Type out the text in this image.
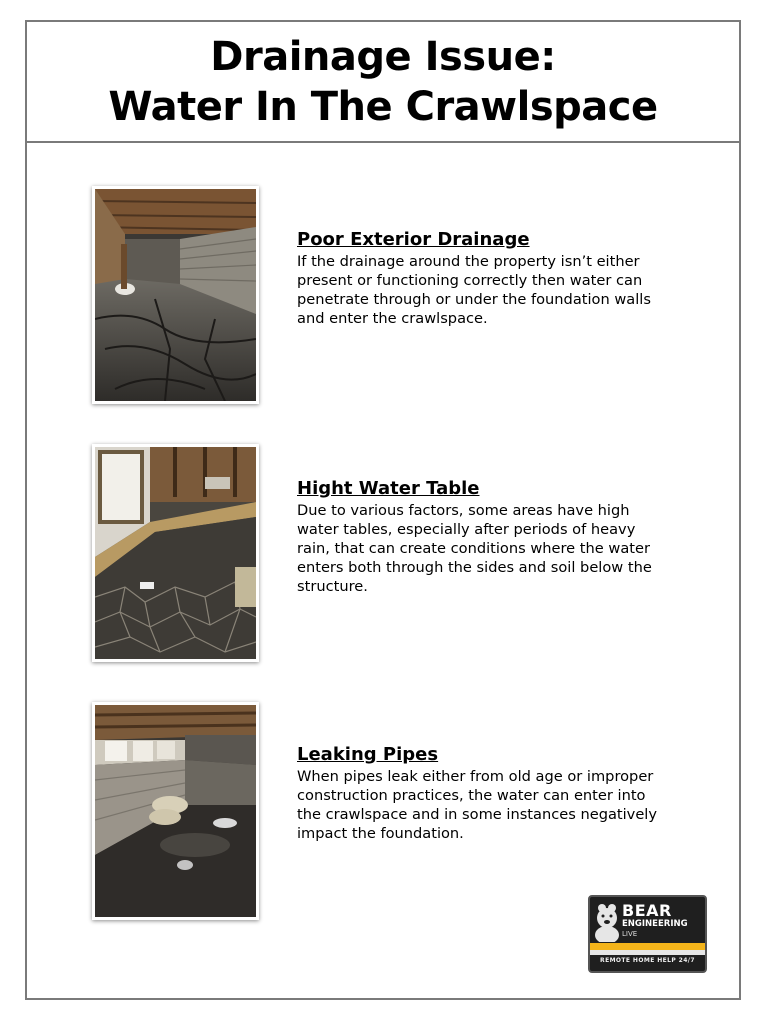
Drainage Issue:
Water In The Crawlspace
Poor Exterior Drainage
If the drainage around the property isn’t either present or functioning correctly then water can penetrate through or under the foundation walls and enter the crawlspace.
Hight Water Table
Due to various factors, some areas have high water tables, especially after periods of heavy rain, that can create conditions where the water enters both through the sides and soil below the structure.
Leaking Pipes
When pipes leak either from old age or improper construction practices, the water can enter into the crawlspace and in some instances negatively impact the foundation.
BEAR
ENGINEERING
LIVE
REMOTE HOME HELP 24/7
